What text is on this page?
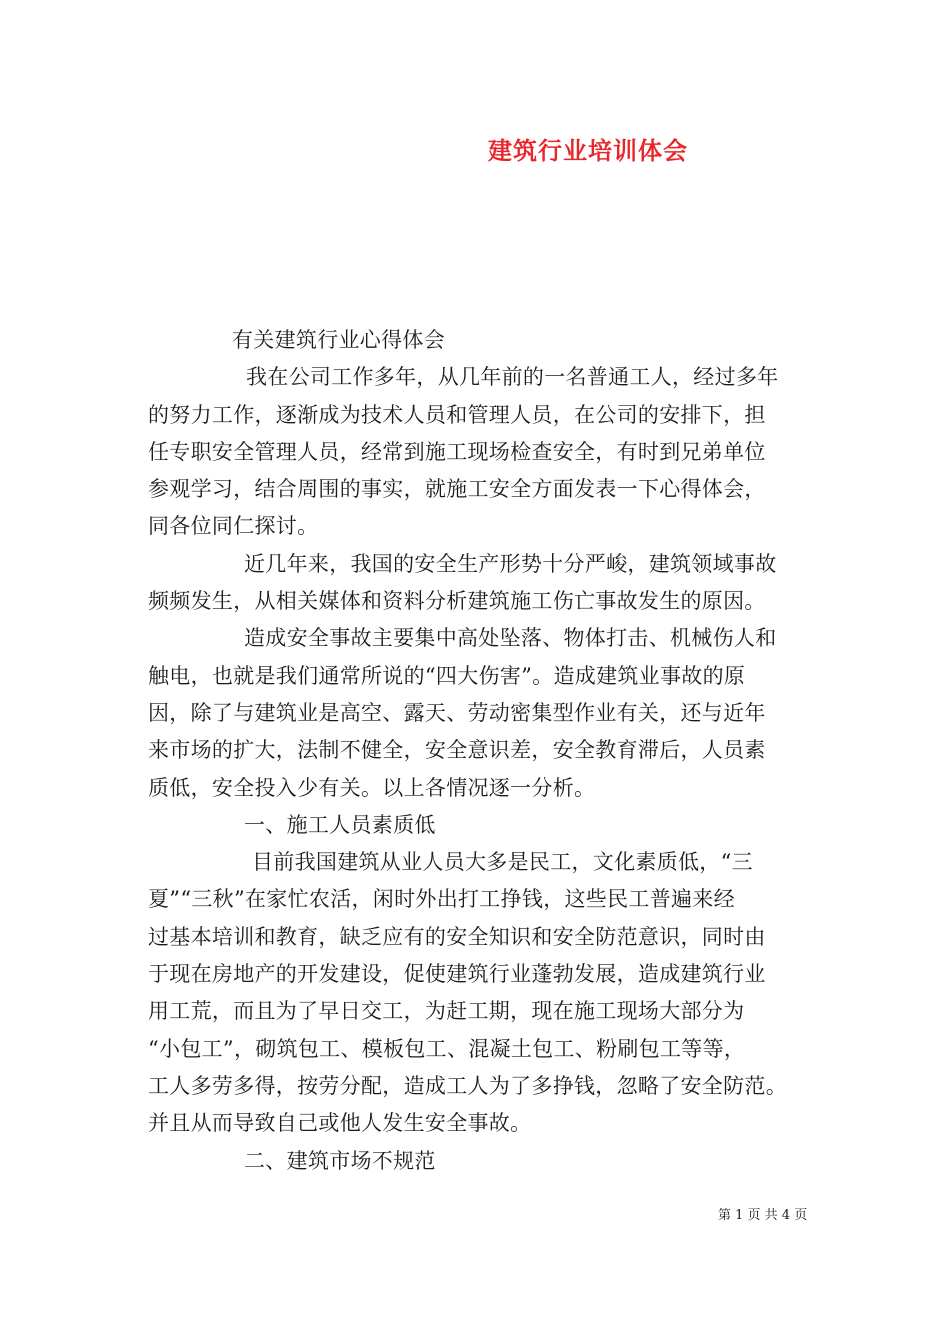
建筑行业培训体会

有关建筑行业心得体会

我在公司工作多年，从几年前的一名普通工人，经过多年

的努力工作，逐渐成为技术人员和管理人员，在公司的安排下，担

任专职安全管理人员，经常到施工现场检查安全，有时到兄弟单位

参观学习，结合周围的事实，就施工安全方面发表一下心得体会，

同各位同仁探讨。

近几年来，我国的安全生产形势十分严峻，建筑领域事故

频频发生，从相关媒体和资料分析建筑施工伤亡事故发生的原因。

造成安全事故主要集中高处坠落、物体打击、机械伤人和

触电，也就是我们通常所说的“四大伤害”。造成建筑业事故的原

因，除了与建筑业是高空、露天、劳动密集型作业有关，还与近年

来市场的扩大，法制不健全，安全意识差，安全教育滞后，人员素

质低，安全投入少有关。以上各情况逐一分析。

一、施工人员素质低

目前我国建筑从业人员大多是民工，文化素质低，“三

夏”“三秋”在家忙农活，闲时外出打工挣钱，这些民工普遍来经

过基本培训和教育，缺乏应有的安全知识和安全防范意识，同时由

于现在房地产的开发建设，促使建筑行业蓬勃发展，造成建筑行业

用工荒，而且为了早日交工，为赶工期，现在施工现场大部分为

“小包工”，砌筑包工、模板包工、混凝土包工、粉刷包工等等，

工人多劳多得，按劳分配，造成工人为了多挣钱，忽略了安全防范。

并且从而导致自己或他人发生安全事故。

二、建筑市场不规范

第 1 页 共 4 页
